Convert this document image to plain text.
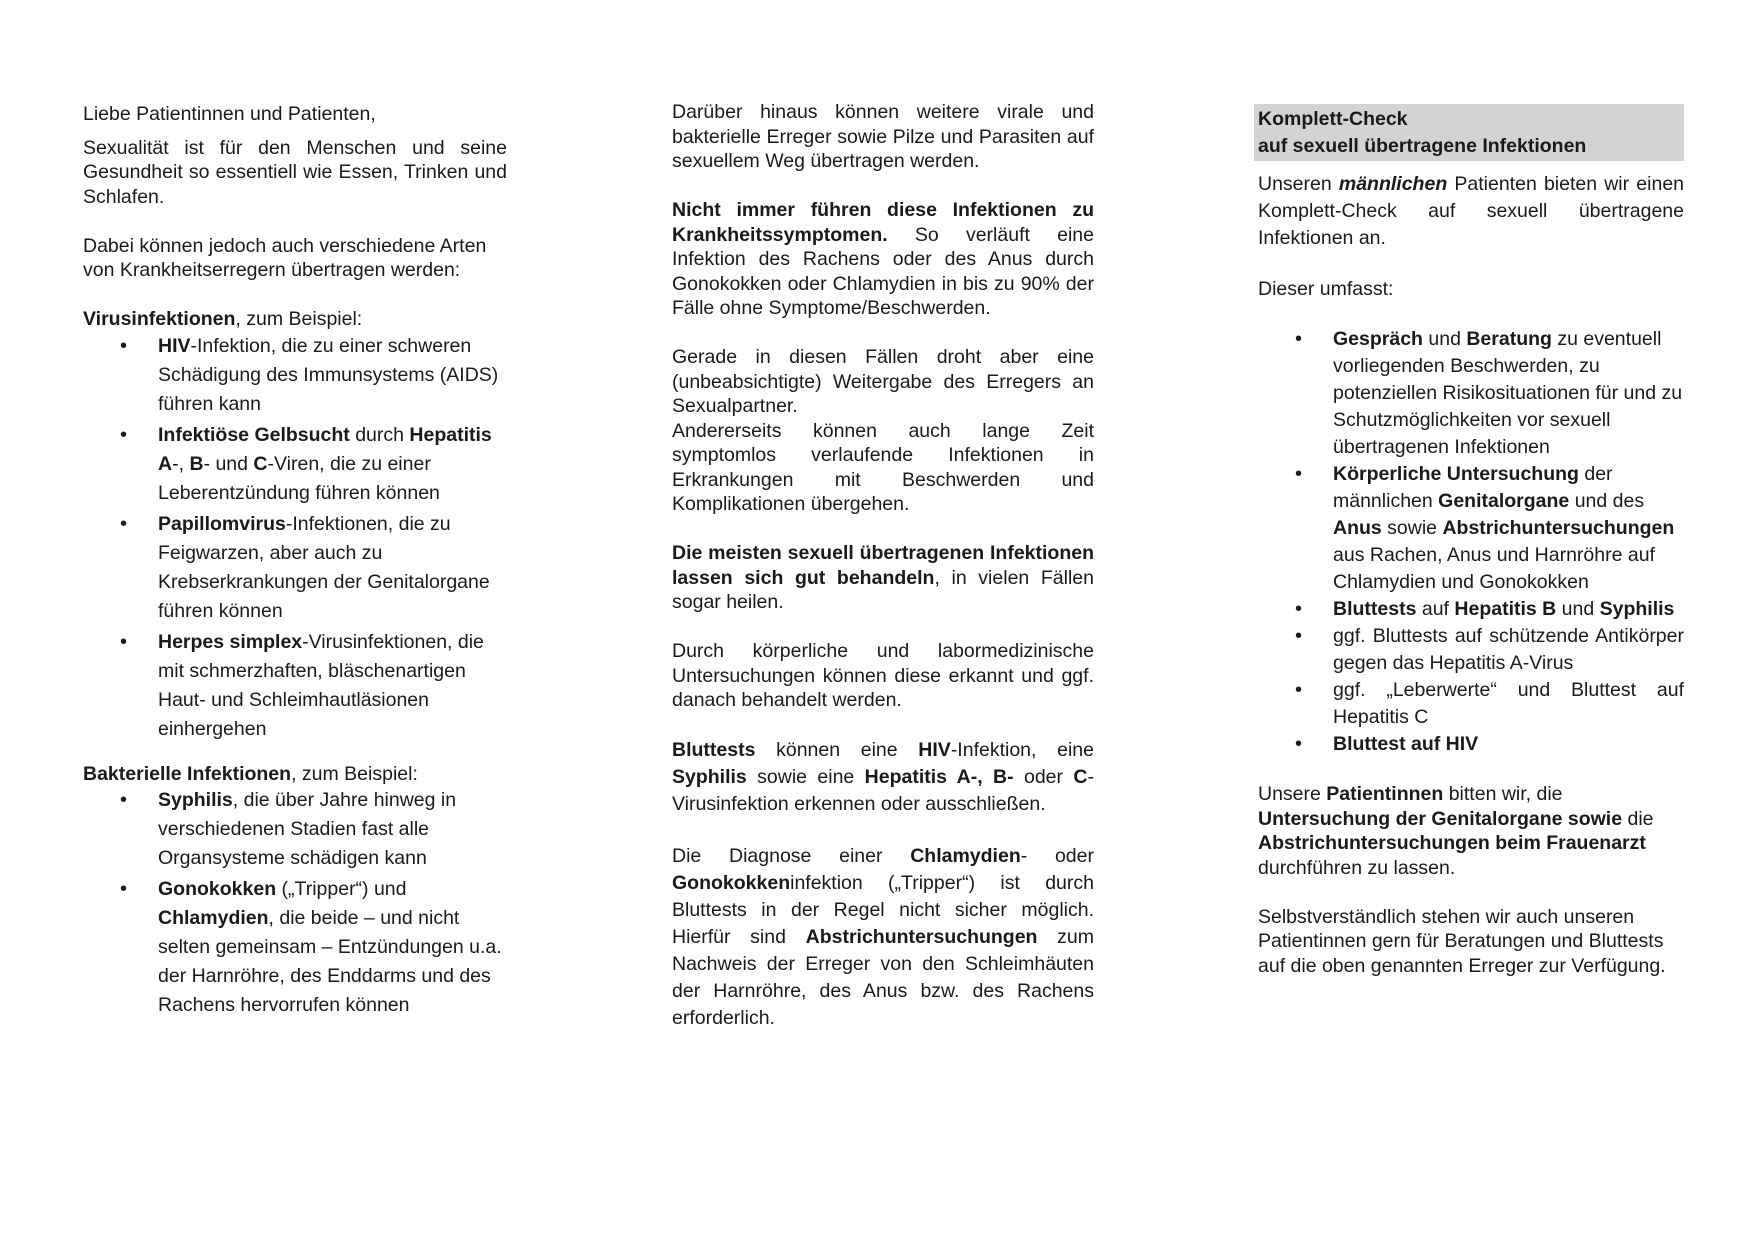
Liebe Patientinnen und Patienten,

Sexualität ist für den Menschen und seine Gesundheit so essentiell wie Essen, Trinken und Schlafen.

Dabei können jedoch auch verschiedene Arten von Krankheitserregern übertragen werden:

Virusinfektionen, zum Beispiel:

• HIV-Infektion, die zu einer schweren Schädigung des Immunsystems (AIDS) führen kann
• Infektiöse Gelbsucht durch Hepatitis A-, B- und C-Viren, die zu einer Leberentzündung führen können
• Papillomvirus-Infektionen, die zu Feigwarzen, aber auch zu Krebserkrankungen der Genitalorgane führen können
• Herpes simplex-Virusinfektionen, die mit schmerzhaften, bläschenartigen Haut- und Schleimhautläsionen einhergehen

Bakterielle Infektionen, zum Beispiel:

• Syphilis, die über Jahre hinweg in verschiedenen Stadien fast alle Organsysteme schädigen kann
• Gonokokken („Tripper“) und Chlamydien, die beide – und nicht selten gemeinsam – Entzündungen u.a. der Harnröhre, des Enddarms und des Rachens hervorrufen können

Darüber hinaus können weitere virale und bakterielle Erreger sowie Pilze und Parasiten auf sexuellem Weg übertragen werden.

Nicht immer führen diese Infektionen zu Krankheitssymptomen. So verläuft eine Infektion des Rachens oder des Anus durch Gonokokken oder Chlamydien in bis zu 90% der Fälle ohne Symptome/Beschwerden.

Gerade in diesen Fällen droht aber eine (unbeabsichtigte) Weitergabe des Erregers an Sexualpartner.

Andererseits können auch lange Zeit symptomlos verlaufende Infektionen in Erkrankungen mit Beschwerden und Komplikationen übergehen.

Die meisten sexuell übertragenen Infektionen lassen sich gut behandeln, in vielen Fällen sogar heilen.

Durch körperliche und labormedizinische Untersuchungen können diese erkannt und ggf. danach behandelt werden.

Bluttests können eine HIV-Infektion, eine Syphilis sowie eine Hepatitis A-, B- oder C-Virusinfektion erkennen oder ausschließen.

Die Diagnose einer Chlamydien- oder Gonokokkeninfektion („Tripper“) ist durch Bluttests in der Regel nicht sicher möglich. Hierfür sind Abstrichuntersuchungen zum Nachweis der Erreger von den Schleimhäuten der Harnröhre, des Anus bzw. des Rachens erforderlich.

Komplett-Check
auf sexuell übertragene Infektionen

Unseren männlichen Patienten bieten wir einen Komplett-Check auf sexuell übertragene Infektionen an.

Dieser umfasst:

• Gespräch und Beratung zu eventuell vorliegenden Beschwerden, zu potenziellen Risikosituationen für und zu Schutzmöglichkeiten vor sexuell übertragenen Infektionen
• Körperliche Untersuchung der männlichen Genitalorgane und des Anus sowie Abstrichuntersuchungen aus Rachen, Anus und Harnröhre auf Chlamydien und Gonokokken
• Bluttests auf Hepatitis B und Syphilis
• ggf. Bluttests auf schützende Antikörper gegen das Hepatitis A-Virus
• ggf. „Leberwerte“ und Bluttest auf Hepatitis C
• Bluttest auf HIV

Unsere Patientinnen bitten wir, die Untersuchung der Genitalorgane sowie die Abstrichuntersuchungen beim Frauenarzt durchführen zu lassen.

Selbstverständlich stehen wir auch unseren Patientinnen gern für Beratungen und Bluttests auf die oben genannten Erreger zur Verfügung.
